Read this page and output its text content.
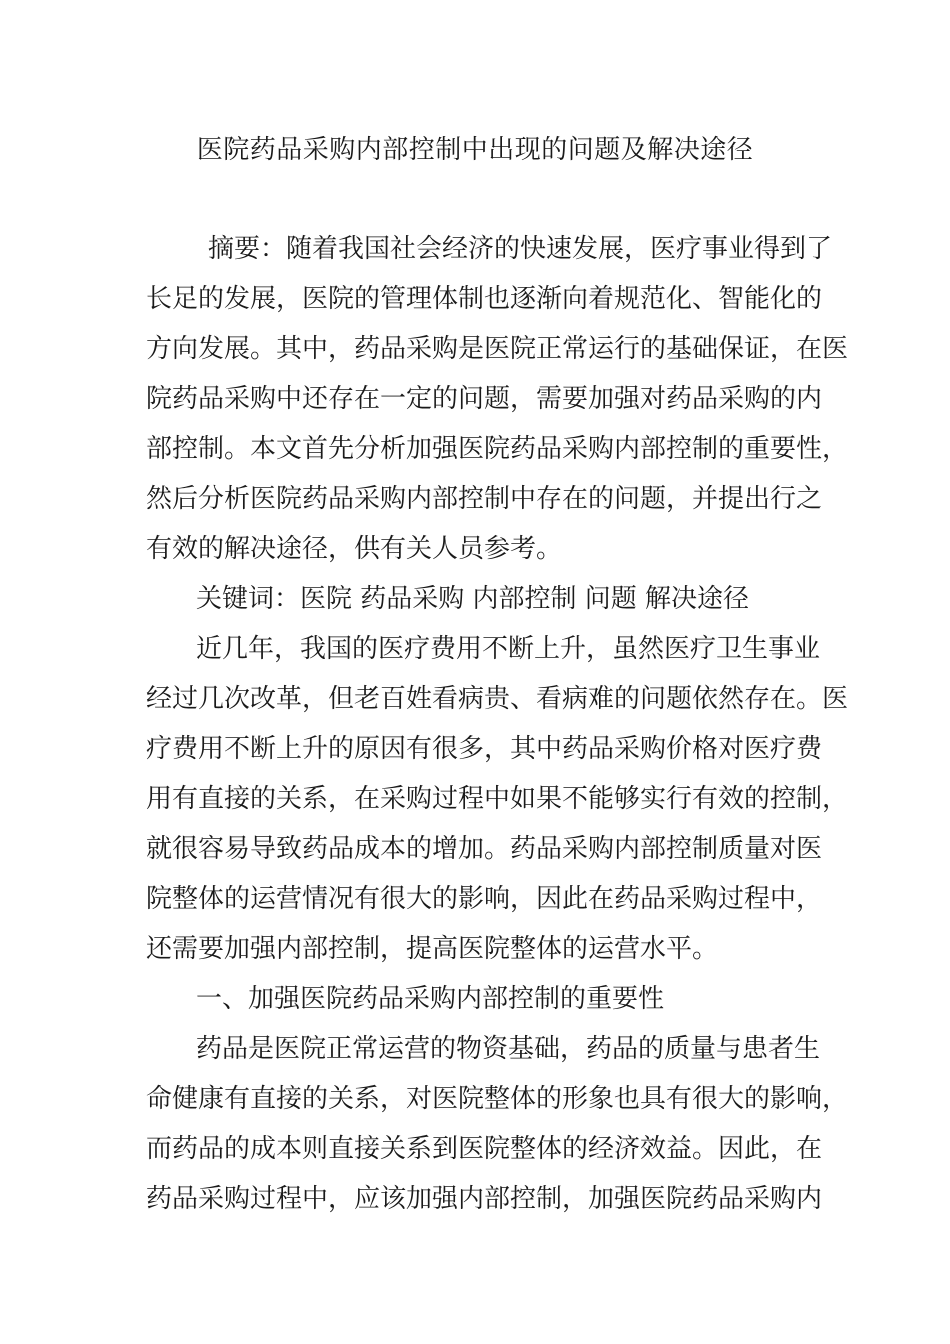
医院药品采购内部控制中出现的问题及解决途径
摘要：随着我国社会经济的快速发展，医疗事业得到了
长足的发展，医院的管理体制也逐渐向着规范化、智能化的
方向发展。其中，药品采购是医院正常运行的基础保证，在医
院药品采购中还存在一定的问题，需要加强对药品采购的内
部控制。本文首先分析加强医院药品采购内部控制的重要性，
然后分析医院药品采购内部控制中存在的问题，并提出行之
有效的解决途径，供有关人员参考。
关键词：医院 药品采购 内部控制 问题 解决途径
近几年，我国的医疗费用不断上升，虽然医疗卫生事业
经过几次改革，但老百姓看病贵、看病难的问题依然存在。医
疗费用不断上升的原因有很多，其中药品采购价格对医疗费
用有直接的关系，在采购过程中如果不能够实行有效的控制，
就很容易导致药品成本的增加。药品采购内部控制质量对医
院整体的运营情况有很大的影响，因此在药品采购过程中，
还需要加强内部控制，提高医院整体的运营水平。
一、加强医院药品采购内部控制的重要性
药品是医院正常运营的物资基础，药品的质量与患者生
命健康有直接的关系，对医院整体的形象也具有很大的影响，
而药品的成本则直接关系到医院整体的经济效益。因此，在
药品采购过程中，应该加强内部控制，加强医院药品采购内
